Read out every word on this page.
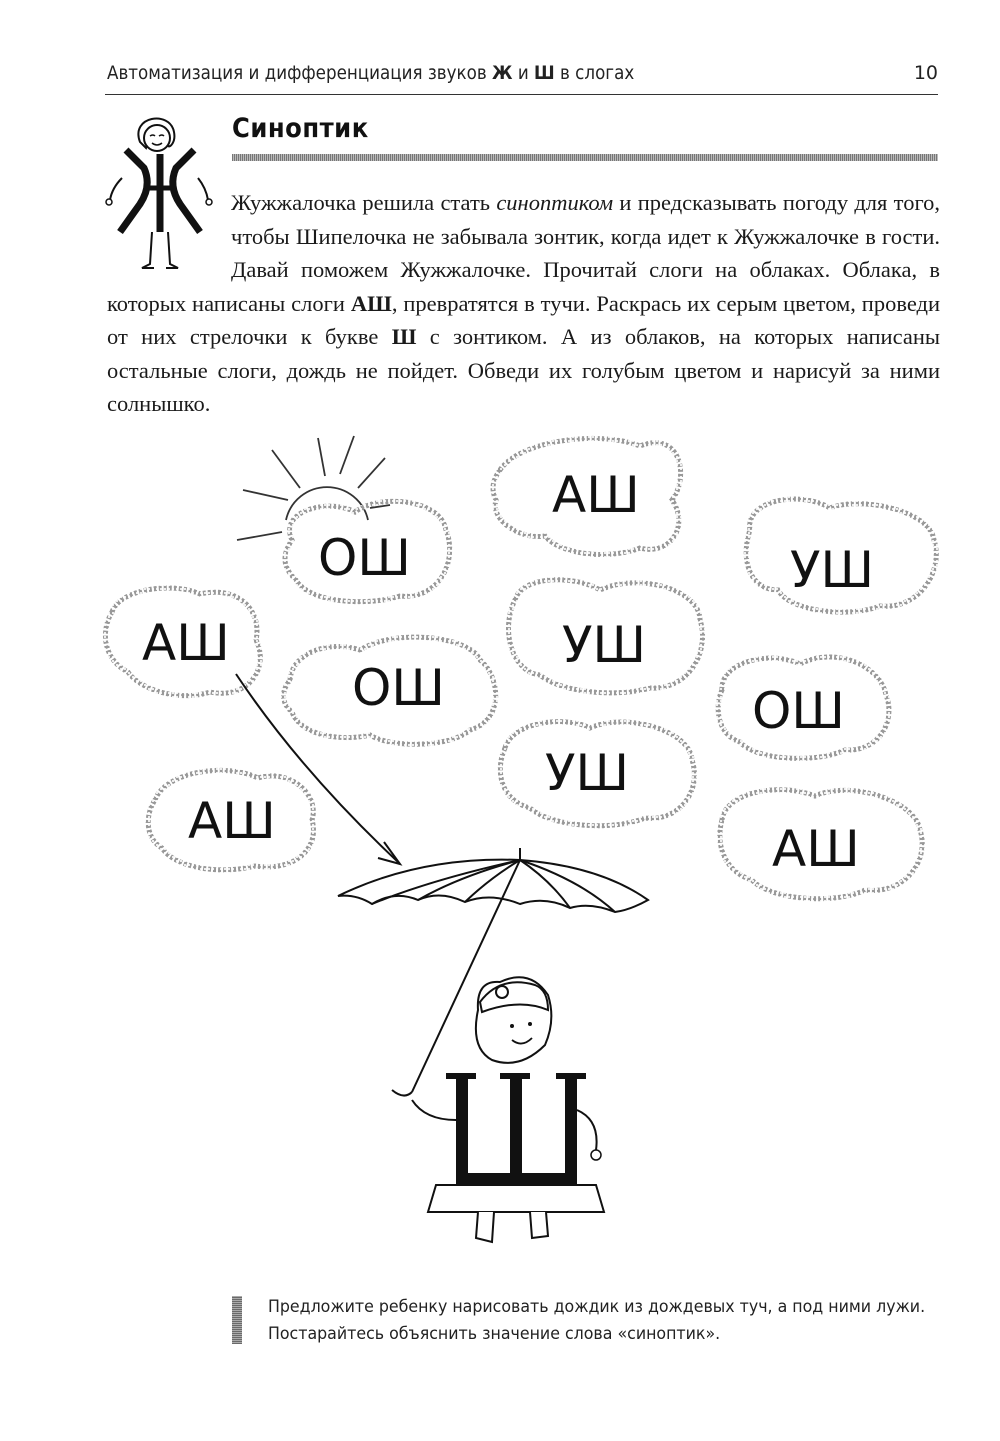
Автоматизация и дифференциация звуков Ж и Ш в слогах	10
Синоптик

Жужжалочка решила стать синоптиком и предсказывать погоду для того, чтобы Шипелочка не забывала зонтик, когда идет к Жужжалочке в гости. Давай поможем Жужжалочке. Прочитай слоги на облаках. Облака, в которых написаны слоги АШ, превратятся в тучи. Раскрась их серым цветом, проведи от них стрелочки к букве Ш с зонтиком. А из облаков, на которых написаны остальные слоги, дождь не пойдет. Обведи их голубым цветом и нарисуй за ними солнышко.

ОШ
АШ
УШ
АШ	УШ
ОШ	ОШ
УШ
АШ	АШ
Предложите ребенку нарисовать дождик из дождевых туч, а под ними лужи.
Постарайтесь объяснить значение слова «синоптик».
